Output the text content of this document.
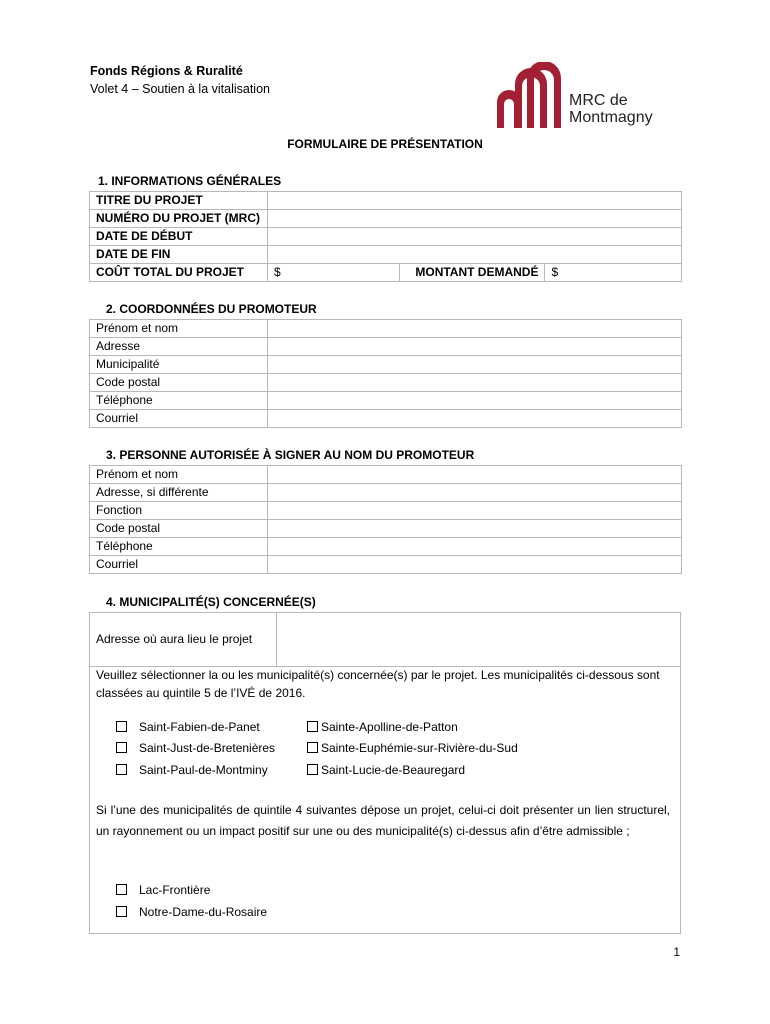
Fonds Régions & Ruralité
Volet 4 – Soutien à la vitalisation
MRC de
Montmagny
FORMULAIRE DE PRÉSENTATION
1. INFORMATIONS GÉNÉRALES
TITRE DU PROJET			
NUMÉRO DU PROJET (MRC)			
DATE DE DÉBUT			
DATE DE FIN			
COÛT TOTAL DU PROJET	$	MONTANT DEMANDÉ	$
2. COORDONNÉES DU PROMOTEUR
Prénom et nom	
Adresse	
Municipalité	
Code postal	
Téléphone	
Courriel	
3. PERSONNE AUTORISÉE À SIGNER AU NOM DU PROMOTEUR
Prénom et nom	
Adresse, si différente	
Fonction	
Code postal	
Téléphone	
Courriel	
4. MUNICIPALITÉ(S) CONCERNÉE(S)
Adresse où aura lieu le projet
Veuillez sélectionner la ou les municipalité(s) concernée(s) par le projet. Les municipalités ci-dessous sont classées au quintile 5 de l’IVÉ de 2016.
Saint-Fabien-de-Panet
Saint-Just-de-Bretenières
Saint-Paul-de-Montminy
Sainte-Apolline-de-Patton
Sainte-Euphémie-sur-Rivière-du-Sud
Saint-Lucie-de-Beauregard
Si l’une des municipalités de quintile 4 suivantes dépose un projet, celui-ci doit présenter un lien structurel, un rayonnement ou un impact positif sur une ou des municipalité(s) ci-dessus afin d’être admissible ;
Lac-Frontière
Notre-Dame-du-Rosaire
1
